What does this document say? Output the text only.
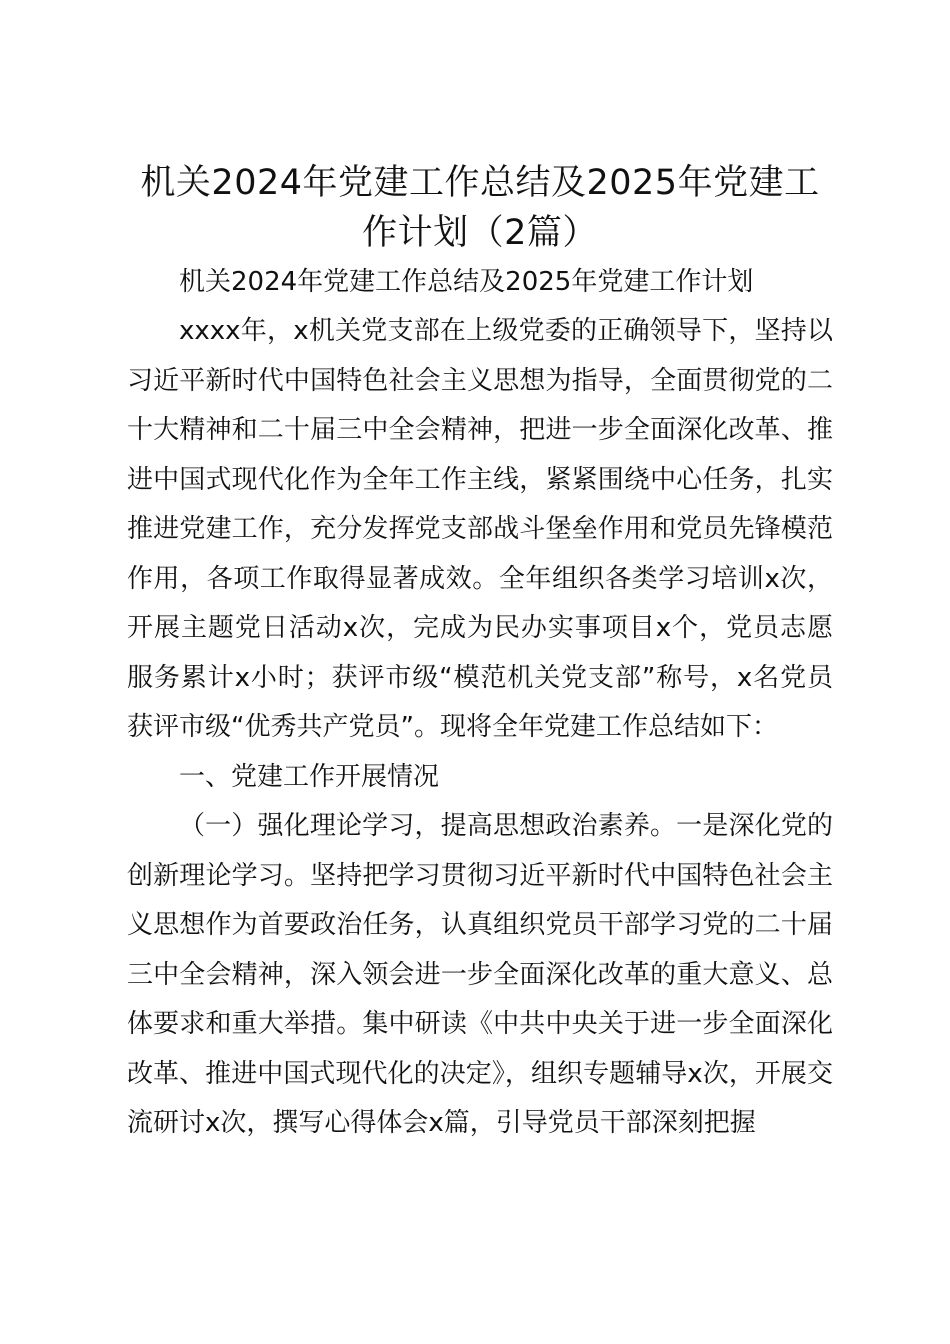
机关2024年党建工作总结及2025年党建工作计划（2篇）

机关2024年党建工作总结及2025年党建工作计划

xxxx年，x机关党支部在上级党委的正确领导下，坚持以习近平新时代中国特色社会主义思想为指导，全面贯彻党的二十大精神和二十届三中全会精神，把进一步全面深化改革、推进中国式现代化作为全年工作主线，紧紧围绕中心任务，扎实推进党建工作，充分发挥党支部战斗堡垒作用和党员先锋模范作用，各项工作取得显著成效。全年组织各类学习培训x次，开展主题党日活动x次，完成为民办实事项目x个，党员志愿服务累计x小时；获评市级“模范机关党支部”称号，x名党员获评市级“优秀共产党员”。现将全年党建工作总结如下：

一、党建工作开展情况

（一）强化理论学习，提高思想政治素养。一是深化党的创新理论学习。坚持把学习贯彻习近平新时代中国特色社会主义思想作为首要政治任务，认真组织党员干部学习党的二十届三中全会精神，深入领会进一步全面深化改革的重大意义、总体要求和重大举措。集中研读《中共中央关于进一步全面深化改革、推进中国式现代化的决定》，组织专题辅导x次，开展交流研讨x次，撰写心得体会x篇，引导党员干部深刻把握
